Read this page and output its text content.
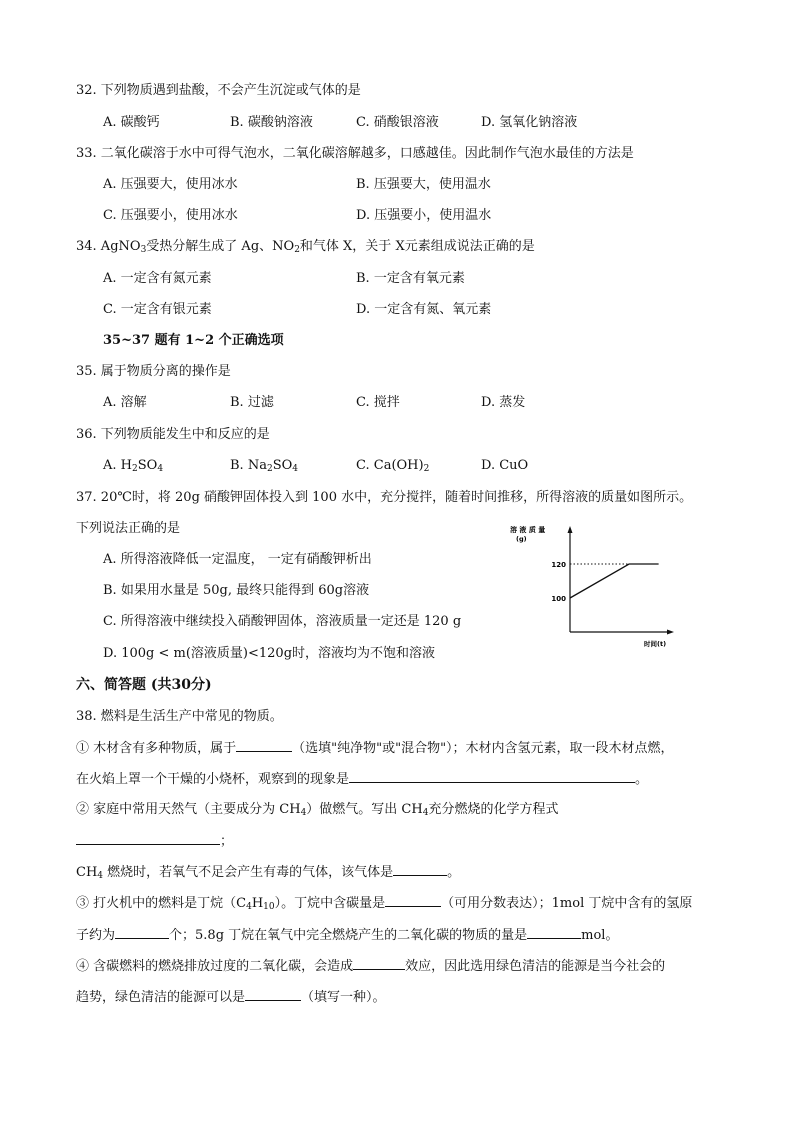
32. 下列物质遇到盐酸，不会产生沉淀或气体的是
A. 碳酸钙	B. 碳酸钠溶液	C. 硝酸银溶液	D. 氢氧化钠溶液
33. 二氧化碳溶于水中可得气泡水，二氧化碳溶解越多，口感越佳。因此制作气泡水最佳的方法是
A. 压强要大，使用冰水	B. 压强要大，使用温水
C. 压强要小，使用冰水	D. 压强要小，使用温水
34. AgNO$_3$受热分解生成了 Ag、$NO_2$和气体 X，关于 X元素组成说法正确的是
A. 一定含有氮元素	B. 一定含有氧元素
C. 一定含有银元素	D. 一定含有氮、氧元素
35~37 题有 1~2 个正确选项
35. 属于物质分离的操作是
A. 溶解	B. 过滤	C. 搅拌	D. 蒸发
36. 下列物质能发生中和反应的是
A. $H_2SO_4$	B. $Na_2SO_4$	C. $Ca(OH)_2$	D. CuO
37. 20℃时，将 20g 硝酸钾固体投入到 100 水中，充分搅拌，随着时间推移，所得溶液的质量如图所示。
下列说法正确的是
A. 所得溶液降低一定温度， 一定有硝酸钾析出
B. 如果用水量是 50g, 最终只能得到 60g溶液
C. 所得溶液中继续投入硝酸钾固体，溶液质量一定还是 120 g
D. 100g < m(溶液质量)<120g时，溶液均为不饱和溶液
溶 液 质 量
(g)
时间(t)
100
120
六、简答题 (共30分)
38. 燃料是生活生产中常见的物质。
① 木材含有多种物质，属于	（选填"纯净物"或"混合物"）；木材内含氢元素，取一段木材点燃，
在火焰上罩一个干燥的小烧杯，观察到的现象是	。
② 家庭中常用天然气（主要成分为 $CH_4$）做燃气。写出 $CH_4$充分燃烧的化学方程式
；
$CH_4$ 燃烧时，若氧气不足会产生有毒的气体，该气体是	。
③ 打火机中的燃料是丁烷$(C_4H_{10})$。丁烷中含碳量是	（可用分数表达）；1mol 丁烷中含有的氢原
子约为	个；5.8g 丁烷在氧气中完全燃烧产生的二氧化碳的物质的量是	mol。
④ 含碳燃料的燃烧排放过度的二氧化碳，会造成	效应，因此选用绿色清洁的能源是当今社会的
趋势，绿色清洁的能源可以是	（填写一种）。
